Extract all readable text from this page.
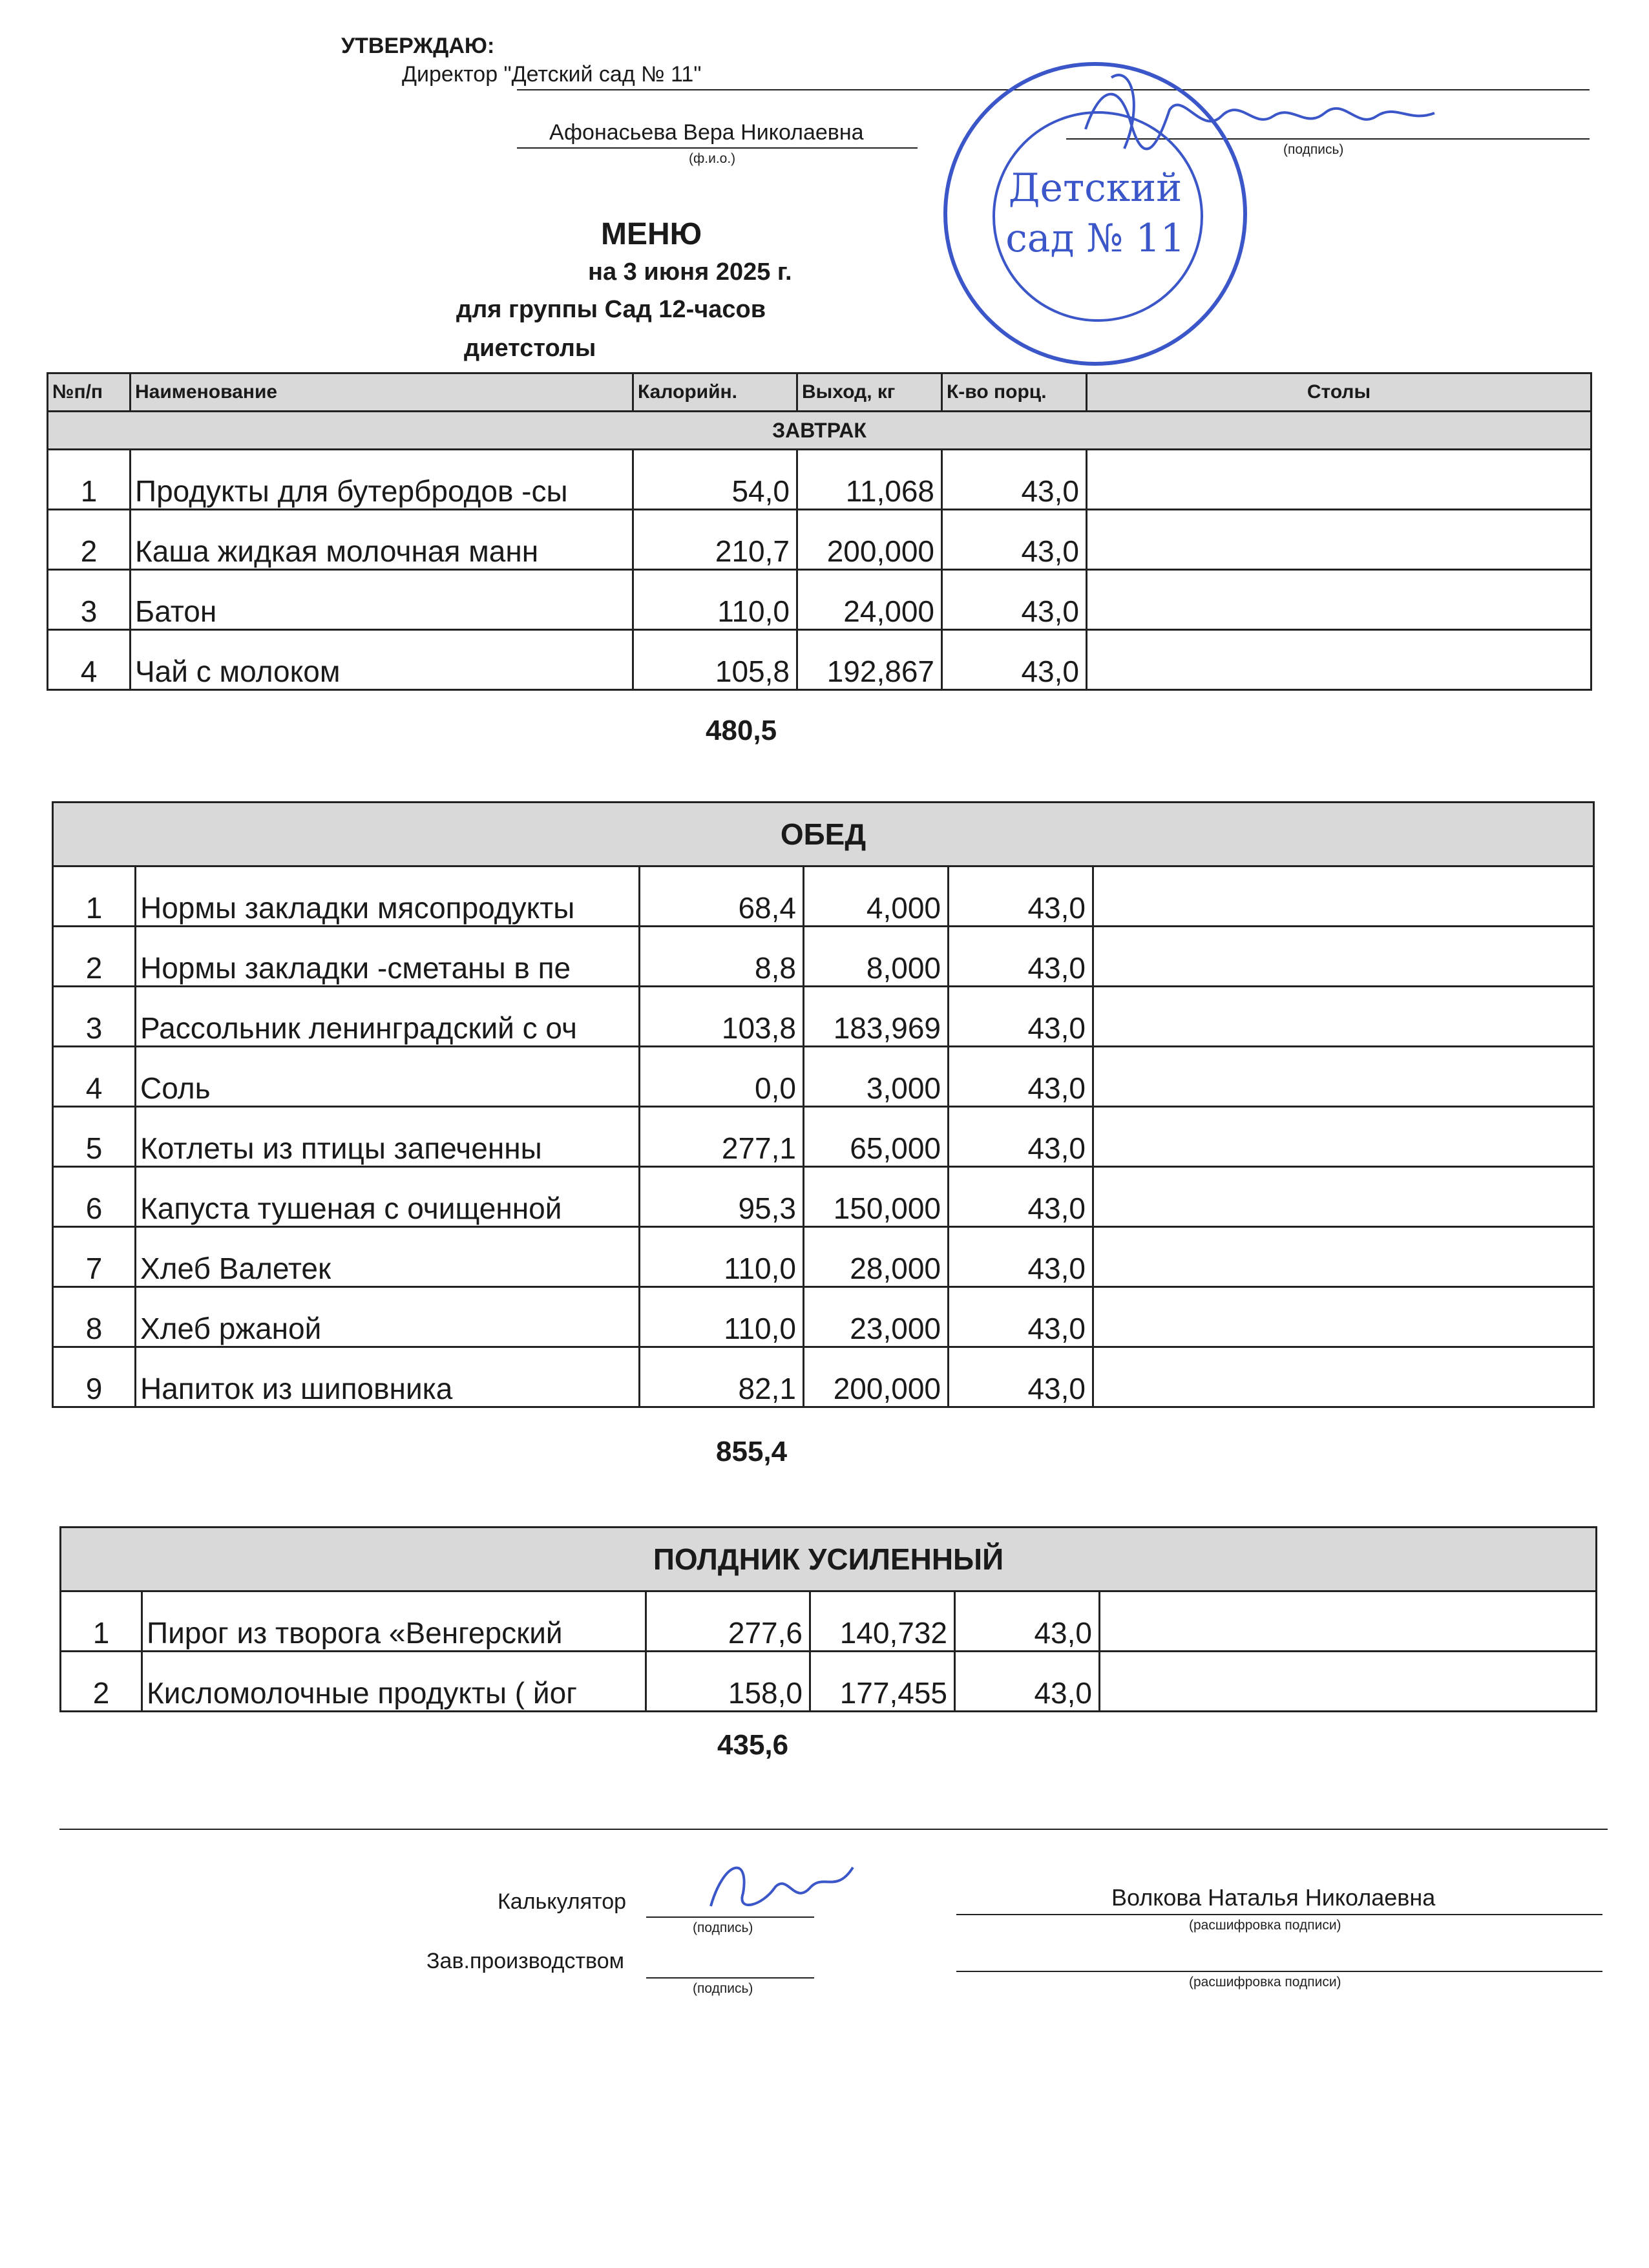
УТВЕРЖДАЮ:
Директор "Детский сад № 11"
Афонасьева Вера Николаевна
(ф.и.о.)
(подпись)
Детский
сад № 11
МЕНЮ
на 3 июня 2025 г.
для группы Сад 12-часов
диетстолы
№п/п	Наименование	Калорийн.	Выход, кг	К-во порц.	Столы
ЗАВТРАК					
1	Продукты для бутербродов -сы	54,0	11,068	43,0	
2	Каша жидкая молочная манн	210,7	200,000	43,0	
3	Батон	110,0	24,000	43,0	
4	Чай с молоком	105,8	192,867	43,0	
480,5
ОБЕД					
1	Нормы закладки мясопродукты	68,4	4,000	43,0	
2	Нормы закладки -сметаны в пе	8,8	8,000	43,0	
3	Рассольник ленинградский с оч	103,8	183,969	43,0	
4	Соль	0,0	3,000	43,0	
5	Котлеты из птицы запеченны	277,1	65,000	43,0	
6	Капуста тушеная с очищенной	95,3	150,000	43,0	
7	Хлеб Валетек	110,0	28,000	43,0	
8	Хлеб ржаной	110,0	23,000	43,0	
9	Напиток из шиповника	82,1	200,000	43,0	
855,4
ПОЛДНИК УСИЛЕННЫЙ					
1	Пирог из творога «Венгерский	277,6	140,732	43,0	
2	Кисломолочные продукты ( йог	158,0	177,455	43,0	
435,6
Калькулятор
(подпись)
Волкова Наталья Николаевна
(расшифровка подписи)
Зав.производством
(подпись)	(расшифровка подписи)
